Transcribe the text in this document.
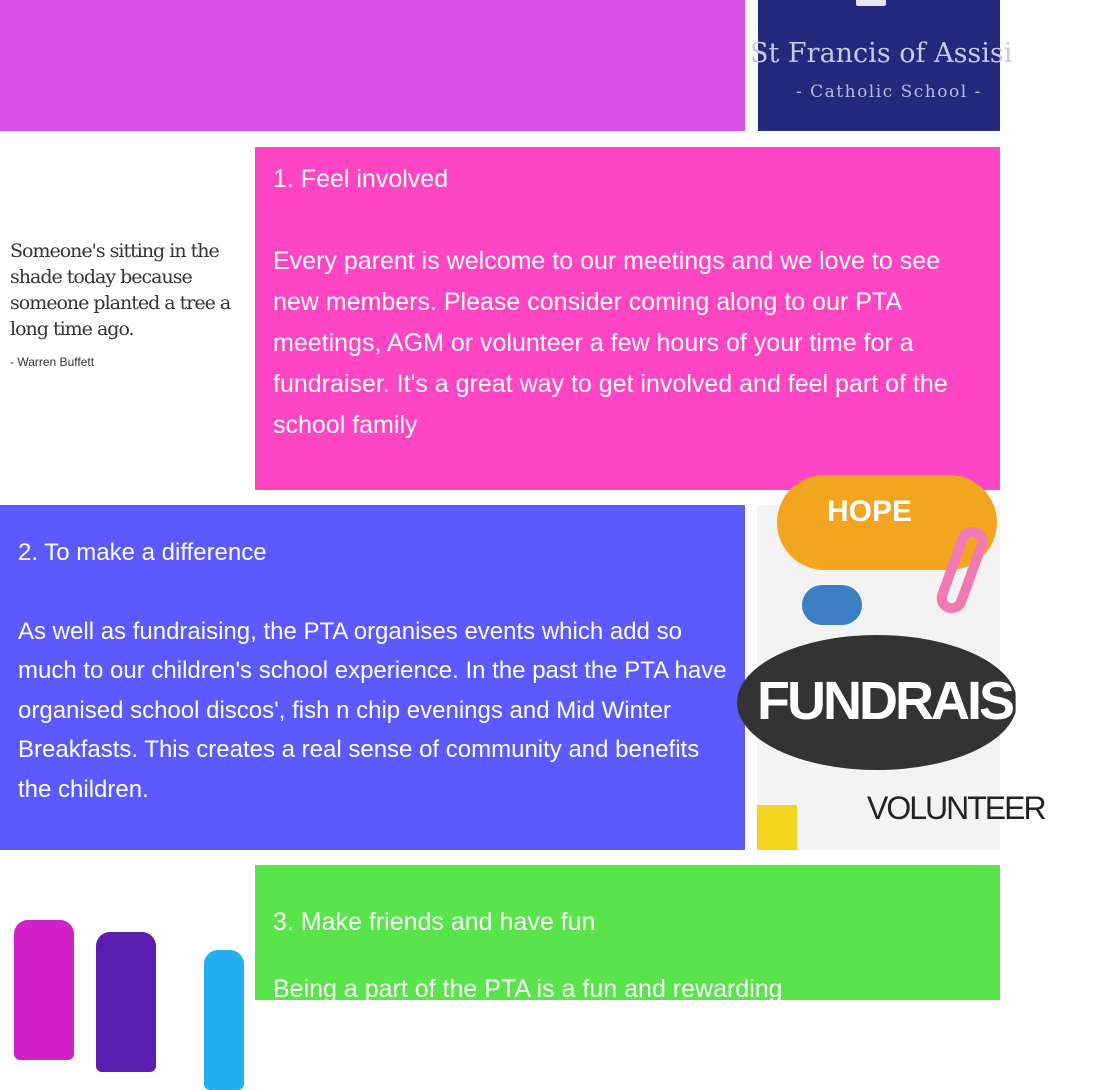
St Francis of Assisi
- Catholic School -
Someone's sitting in the shade today because someone planted a tree a long time ago.
- Warren Buffett
1. Feel involved

Every parent is welcome to our meetings and we love to see new members. Please consider coming along to our PTA meetings, AGM or volunteer a few hours of your time for a fundraiser. It's a great way to get involved and feel part of the school family

2. To make a difference

As well as fundraising, the PTA organises events which add so much to our children's school experience. In the past the PTA have organised school discos', fish n chip evenings and Mid Winter Breakfasts. This creates a real sense of community and benefits the children.

HOPE
FUNDRAISING
VOLUNTEER
3. Make friends and have fun

Being a part of the PTA is a fun and rewarding
